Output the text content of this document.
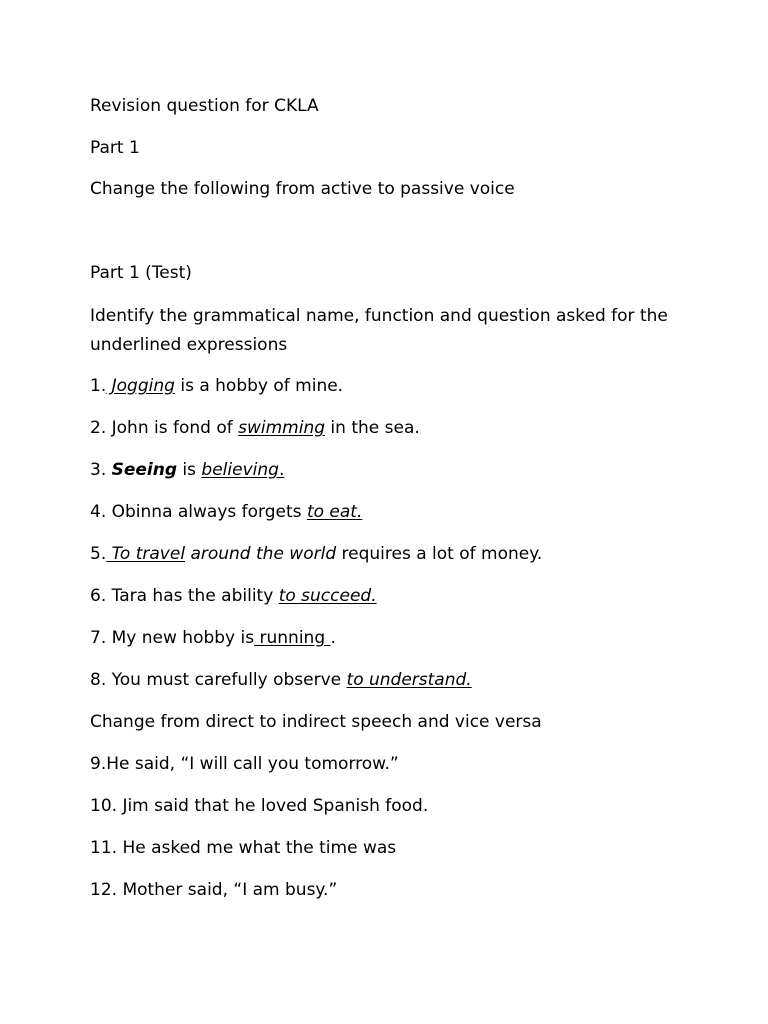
Revision question for CKLA
Part 1
Change the following from active to passive voice
Part 1 (Test)
Identify the grammatical name, function and question asked for the underlined expressions
1. Jogging is a hobby of mine.
2. John is fond of swimming in the sea.
3. Seeing is believing.
4. Obinna always forgets to eat.
5. To travel around the world requires a lot of money.
6. Tara has the ability to succeed.
7. My new hobby is running .
8. You must carefully observe to understand.
Change from direct to indirect speech and vice versa
9.He said, “I will call you tomorrow.”
10. Jim said that he loved Spanish food.
11. He asked me what the time was
12. Mother said, “I am busy.”
